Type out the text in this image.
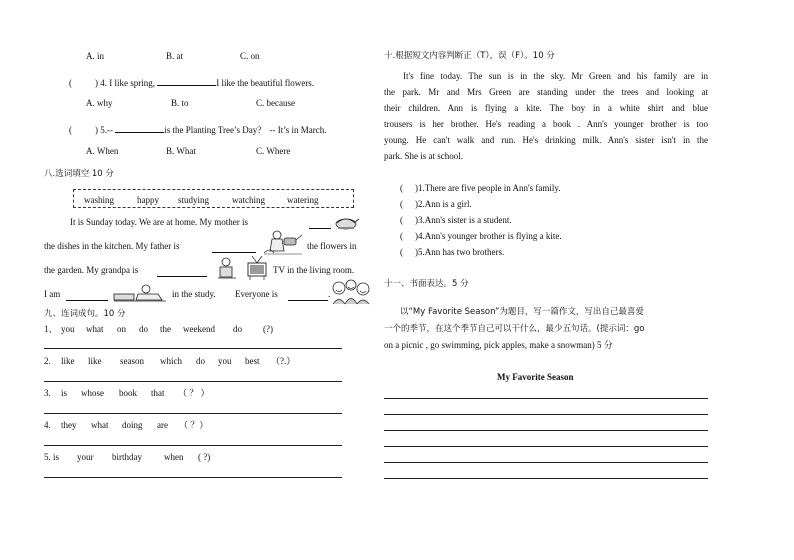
A. in	B. at	C. on
(	) 4. I like spring,	I like the beautiful flowers.
A. why	B. to	C. because
(	) 5.--	is the Planting Tree’s Day? -- It’s in March.
A. When	B. What	C. Where
八.选词填空 10 分
washing	happy studying	watching watering
It is Sunday today. We are at home. My mother is
the dishes in the kitchen. My father is	the flowers in
the garden. My grandpa is	TV in the living room.
I am	in the study. Everyone is	.
九、连词成句。10 分
1、 you what on do the weekend do (?)
2. like like season which do you best （?.）
3. is whose book that （ ？ ）
4. they what doing are （ ？）
5. is your birthday when ( ?)
十.根据短文内容判断正（T），误（F）。10 分
It's fine today. The sun is in the sky. Mr Green and his family are in
the park. Mr and Mrs Green are standing under the trees and looking at
their children. Ann is flying a kite. The boy in a white shirt and blue
trousers is her brother. He's reading a book . Ann's younger brother is too
young. He can't walk and run. He's drinking milk. Ann's sister isn't in the
park. She is at school.
( )1.There are five people in Ann's family.
( )2.Ann is a girl.
( )3.Ann's sister is a student.
( )4.Ann's younger brother is flying a kite.
( )5.Ann has two brothers.
十一、书面表达。5 分
以“My Favorite Season”为题目，写一篇作文，写出自己最喜爱
一个的季节，在这个季节自己可以干什么，最少五句话。(提示词：go
on a picnic , go swimming, pick apples, make a snowman) 5 分
My Favorite Season
